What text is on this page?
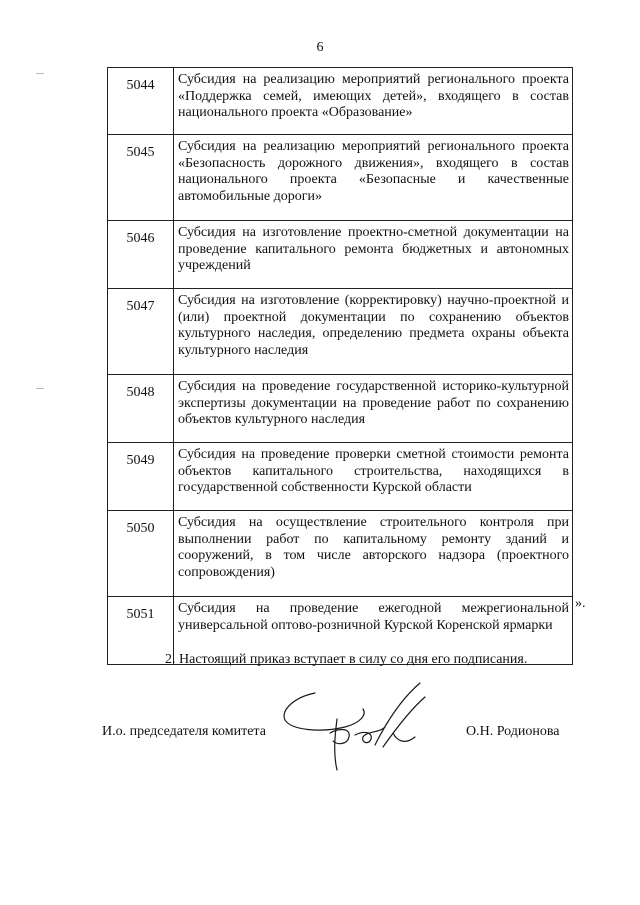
6
5044	Субсидия на реализацию мероприятий регионального проекта «Поддержка семей, имеющих детей», входящего в состав национального проекта «Образование»
5045	Субсидия на реализацию мероприятий регионального проекта «Безопасность дорожного движения», входящего в состав национального проекта «Безопасные и качественные автомобильные дороги»
5046	Субсидия на изготовление проектно-сметной документации на проведение капитального ремонта бюджетных и автономных учреждений
5047	Субсидия на изготовление (корректировку) научно-проектной и (или) проектной документации по сохранению объектов культурного наследия, определению предмета охраны объекта культурного наследия
5048	Субсидия на проведение государственной историко-культурной экспертизы документации на проведение работ по сохранению объектов культурного наследия
5049	Субсидия на проведение проверки сметной стоимости ремонта объектов капитального строительства, находящихся в государственной собственности Курской области
5050	Субсидия на осуществление строительного контроля при выполнении работ по капитальному ремонту зданий и сооружений, в том числе авторского надзора (проектного сопровождения)
5051	Субсидия на проведение ежегодной межрегиональной универсальной оптово-розничной Курской Коренской ярмарки
».
2. Настоящий приказ вступает в силу со дня его подписания.
И.о. председателя комитета	О.Н. Родионова
